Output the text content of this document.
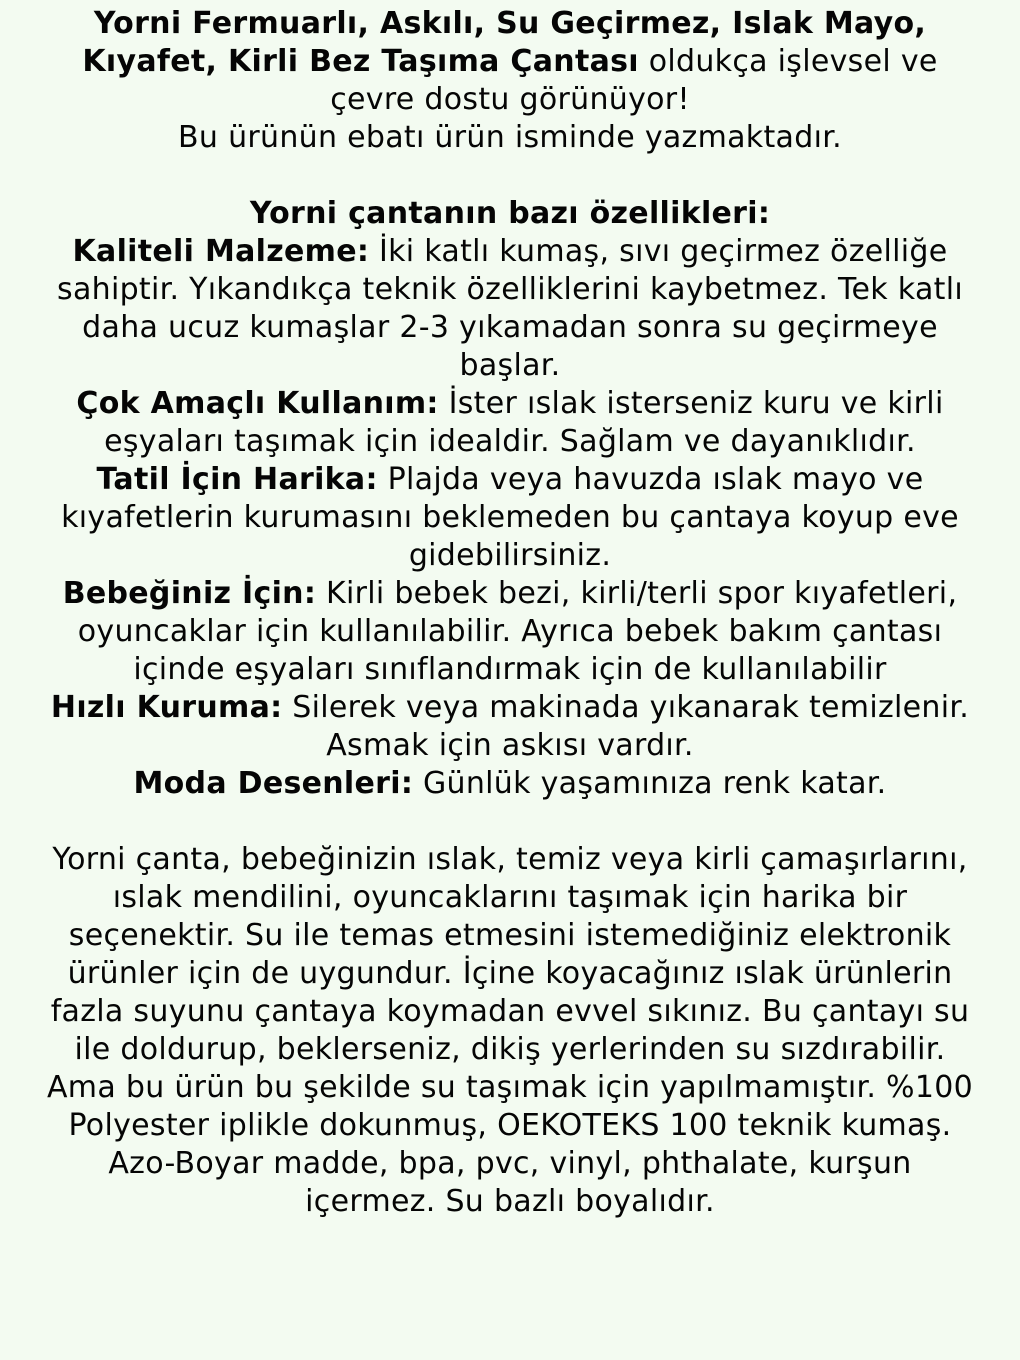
Yorni Fermuarlı, Askılı, Su Geçirmez, Islak Mayo, Kıyafet, Kirli Bez Taşıma Çantası oldukça işlevsel ve çevre dostu görünüyor!

Bu ürünün ebatı ürün isminde yazmaktadır.

Yorni çantanın bazı özellikleri:

Kaliteli Malzeme: İki katlı kumaş, sıvı geçirmez özelliğe sahiptir. Yıkandıkça teknik özelliklerini kaybetmez. Tek katlı daha ucuz kumaşlar 2-3 yıkamadan sonra su geçirmeye başlar.

Çok Amaçlı Kullanım: İster ıslak isterseniz kuru ve kirli eşyaları taşımak için idealdir. Sağlam ve dayanıklıdır.

Tatil İçin Harika: Plajda veya havuzda ıslak mayo ve kıyafetlerin kurumasını beklemeden bu çantaya koyup eve gidebilirsiniz.

Bebeğiniz İçin: Kirli bebek bezi, kirli/terli spor kıyafetleri, oyuncaklar için kullanılabilir. Ayrıca bebek bakım çantası içinde eşyaları sınıflandırmak için de kullanılabilir

Hızlı Kuruma: Silerek veya makinada yıkanarak temizlenir. Asmak için askısı vardır.

Moda Desenleri: Günlük yaşamınıza renk katar.

Yorni çanta, bebeğinizin ıslak, temiz veya kirli çamaşırlarını, ıslak mendilini, oyuncaklarını taşımak için harika bir seçenektir. Su ile temas etmesini istemediğiniz elektronik ürünler için de uygundur. İçine koyacağınız ıslak ürünlerin fazla suyunu çantaya koymadan evvel sıkınız. Bu çantayı su ile doldurup, beklerseniz, dikiş yerlerinden su sızdırabilir. Ama bu ürün bu şekilde su taşımak için yapılmamıştır. %100 Polyester iplikle dokunmuş, OEKOTEKS 100 teknik kumaş. Azo-Boyar madde, bpa, pvc, vinyl, phthalate, kurşun içermez. Su bazlı boyalıdır.
